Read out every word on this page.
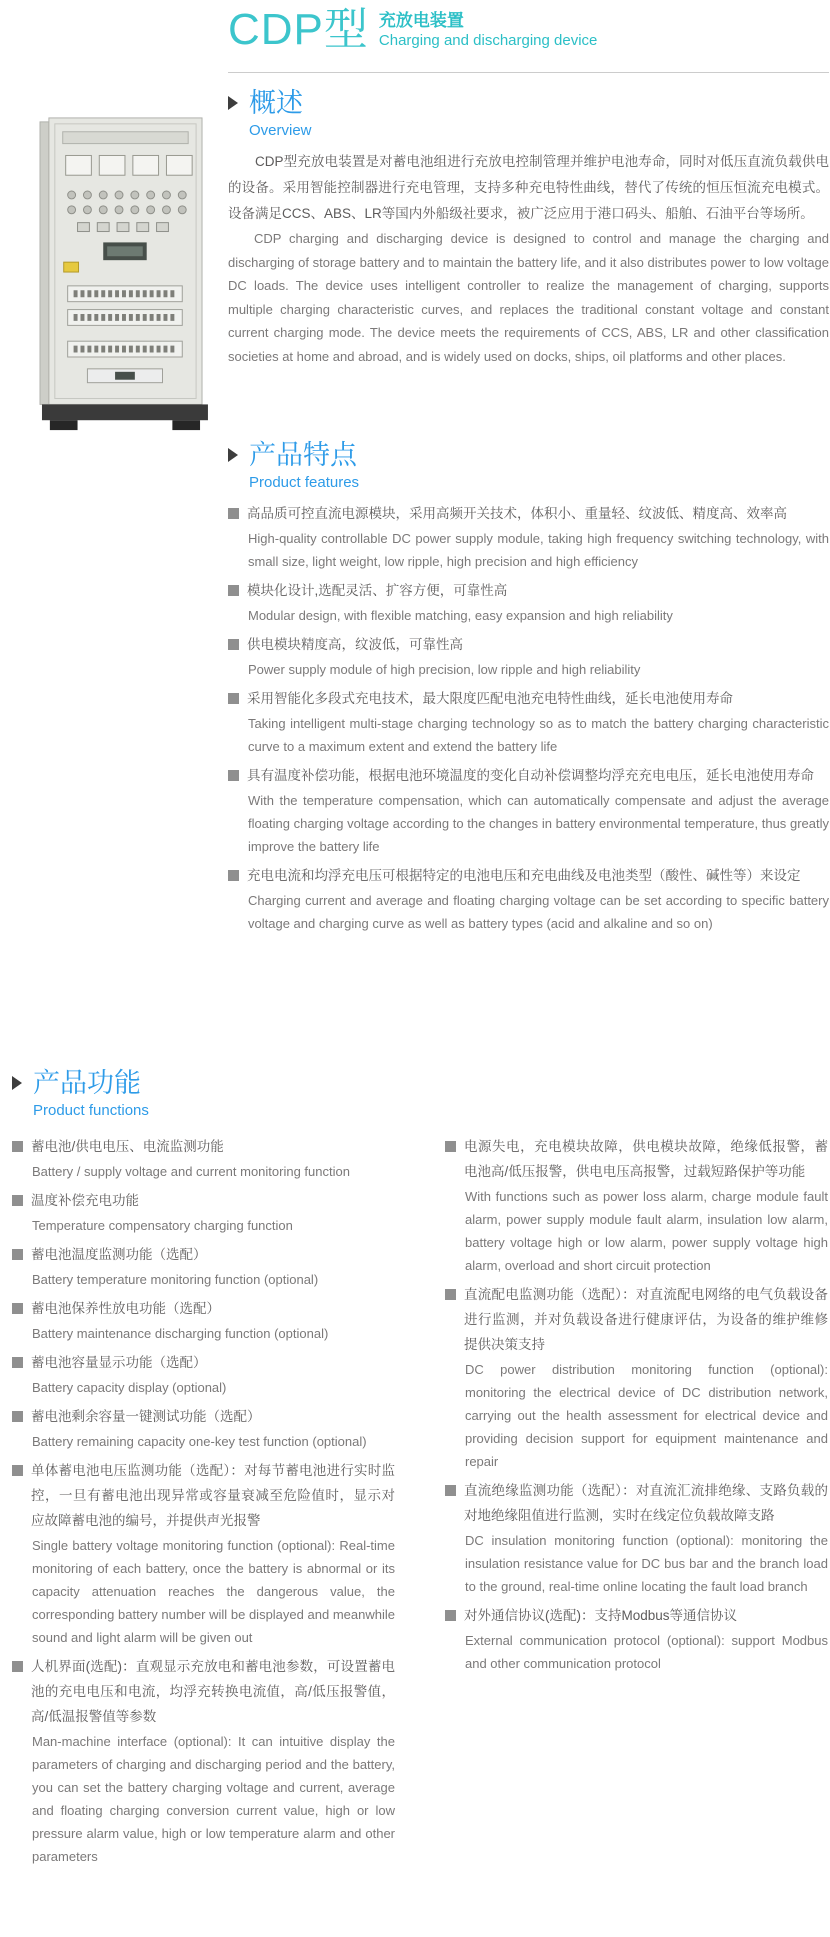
CDP型 充放电装置
Charging and discharging device
概述
Overview

CDP型充放电装置是对蓄电池组进行充放电控制管理并维护电池寿命，同时对低压直流负载供电的设备。采用智能控制器进行充电管理，支持多种充电特性曲线，替代了传统的恒压恒流充电模式。设备满足CCS、ABS、LR等国内外船级社要求，被广泛应用于港口码头、船舶、石油平台等场所。

CDP charging and discharging device is designed to control and manage the charging and discharging of storage battery and to maintain the battery life, and it also distributes power to low voltage DC loads. The device uses intelligent controller to realize the management of charging, supports multiple charging characteristic curves, and replaces the traditional constant voltage and constant current charging mode. The device meets the requirements of CCS, ABS, LR and other classification societies at home and abroad, and is widely used on docks, ships, oil platforms and other places.

产品特点
Product features
高品质可控直流电源模块，采用高频开关技术，体积小、重量轻、纹波低、精度高、效率高
High-quality controllable DC power supply module, taking high frequency switching technology, with small size, light weight, low ripple, high precision and high efficiency
模块化设计,选配灵活、扩容方便，可靠性高
Modular design, with flexible matching, easy expansion and high reliability
供电模块精度高，纹波低，可靠性高
Power supply module of high precision, low ripple and high reliability
采用智能化多段式充电技术，最大限度匹配电池充电特性曲线，延长电池使用寿命
Taking intelligent multi-stage charging technology so as to match the battery charging characteristic curve to a maximum extent and extend the battery life
具有温度补偿功能，根据电池环境温度的变化自动补偿调整均浮充充电电压，延长电池使用寿命
With the temperature compensation, which can automatically compensate and adjust the average floating charging voltage according to the changes in battery environmental temperature, thus greatly improve the battery life
充电电流和均浮充电压可根据特定的电池电压和充电曲线及电池类型（酸性、碱性等）来设定
Charging current and average and floating charging voltage can be set according to specific battery voltage and charging curve as well as battery types (acid and alkaline and so on)
产品功能
Product functions
蓄电池/供电电压、电流监测功能
Battery / supply voltage and current monitoring function
温度补偿充电功能
Temperature compensatory charging function
蓄电池温度监测功能（选配）
Battery temperature monitoring function (optional)
蓄电池保养性放电功能（选配）
Battery maintenance discharging function (optional)
蓄电池容量显示功能（选配）
Battery capacity display (optional)
蓄电池剩余容量一键测试功能（选配）
Battery remaining capacity one-key test function (optional)
单体蓄电池电压监测功能（选配）：对每节蓄电池进行实时监控，一旦有蓄电池出现异常或容量衰减至危险值时，显示对应故障蓄电池的编号，并提供声光报警
Single battery voltage monitoring function (optional): Real-time monitoring of each battery, once the battery is abnormal or its capacity attenuation reaches the dangerous value, the corresponding battery number will be displayed and meanwhile sound and light alarm will be given out
人机界面(选配)：直观显示充放电和蓄电池参数，可设置蓄电池的充电电压和电流，均浮充转换电流值，高/低压报警值，高/低温报警值等参数
Man-machine interface (optional): It can intuitive display the parameters of charging and discharging period and the battery, you can set the battery charging voltage and current, average and floating charging conversion current value, high or low pressure alarm value, high or low temperature alarm and other parameters
电源失电，充电模块故障，供电模块故障，绝缘低报警，蓄电池高/低压报警，供电电压高报警，过载短路保护等功能
With functions such as power loss alarm, charge module fault alarm, power supply module fault alarm, insulation low alarm, battery voltage high or low alarm, power supply voltage high alarm, overload and short circuit protection
直流配电监测功能（选配）：对直流配电网络的电气负载设备进行监测，并对负载设备进行健康评估，为设备的维护维修提供决策支持
DC power distribution monitoring function (optional): monitoring the electrical device of DC distribution network, carrying out the health assessment for electrical device and providing decision support for equipment maintenance and repair
直流绝缘监测功能（选配）：对直流汇流排绝缘、支路负载的对地绝缘阻值进行监测，实时在线定位负载故障支路
DC insulation monitoring function (optional): monitoring the insulation resistance value for DC bus bar and the branch load to the ground, real-time online locating the fault load branch
对外通信协议(选配)：支持Modbus等通信协议
External communication protocol (optional): support Modbus and other communication protocol
